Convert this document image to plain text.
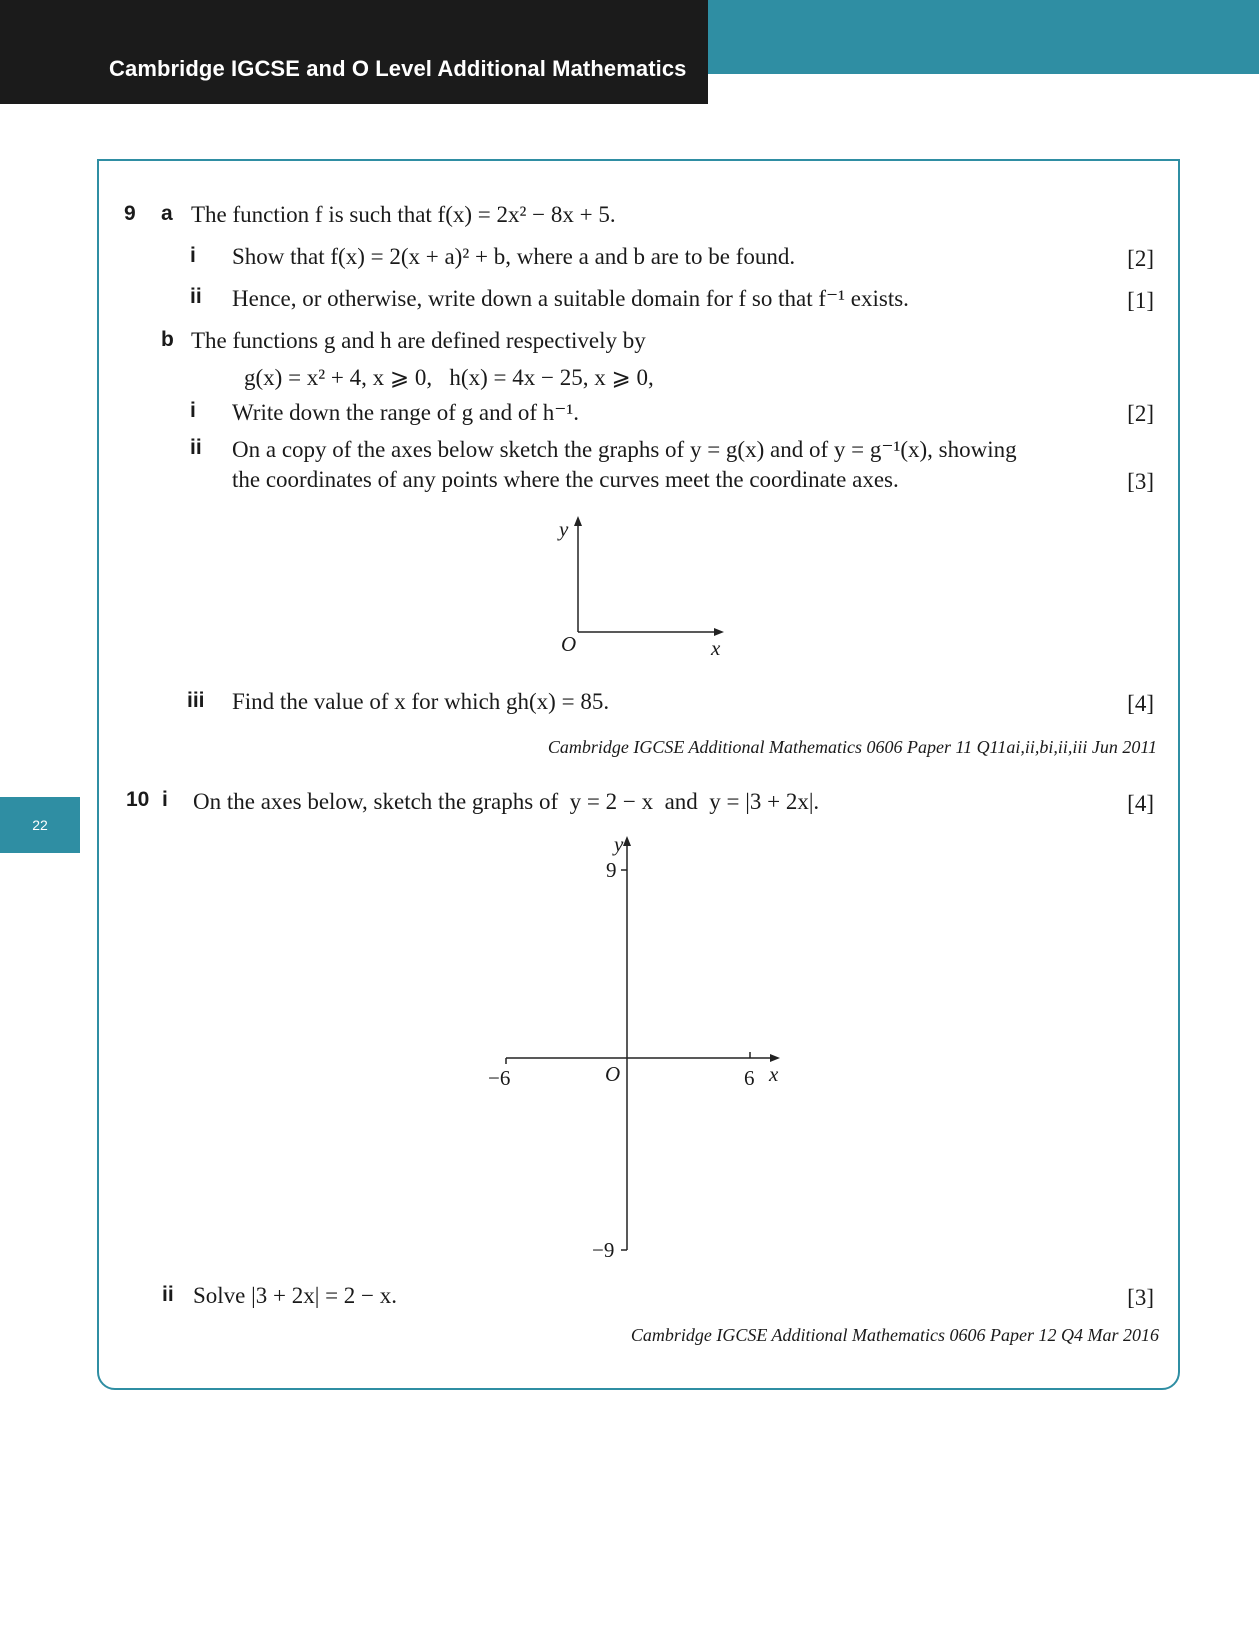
Cambridge IGCSE and O Level Additional Mathematics
22
9 a The function f is such that f(x) = 2x² − 8x + 5.
i Show that f(x) = 2(x + a)² + b, where a and b are to be found.	[2]
ii Hence, or otherwise, write down a suitable domain for f so that f⁻¹ exists.	[1]
b The functions g and h are defined respectively by
g(x) = x² + 4, x ⩾ 0,   h(x) = 4x − 25, x ⩾ 0,
i Write down the range of g and of h⁻¹.	[2]
ii On a copy of the axes below sketch the graphs of y = g(x) and of y = g⁻¹(x), showing
the coordinates of any points where the curves meet the coordinate axes.	[3]
y
O	x
iii Find the value of x for which gh(x) = 85.	[4]
Cambridge IGCSE Additional Mathematics 0606 Paper 11 Q11ai,ii,bi,ii,iii Jun 2011
10 i On the axes below, sketch the graphs of  y = 2 − x  and  y = |3 + 2x|.	[4]
y
9
−9
−6	O	6 x
ii Solve |3 + 2x| = 2 − x.	[3]
Cambridge IGCSE Additional Mathematics 0606 Paper 12 Q4 Mar 2016
